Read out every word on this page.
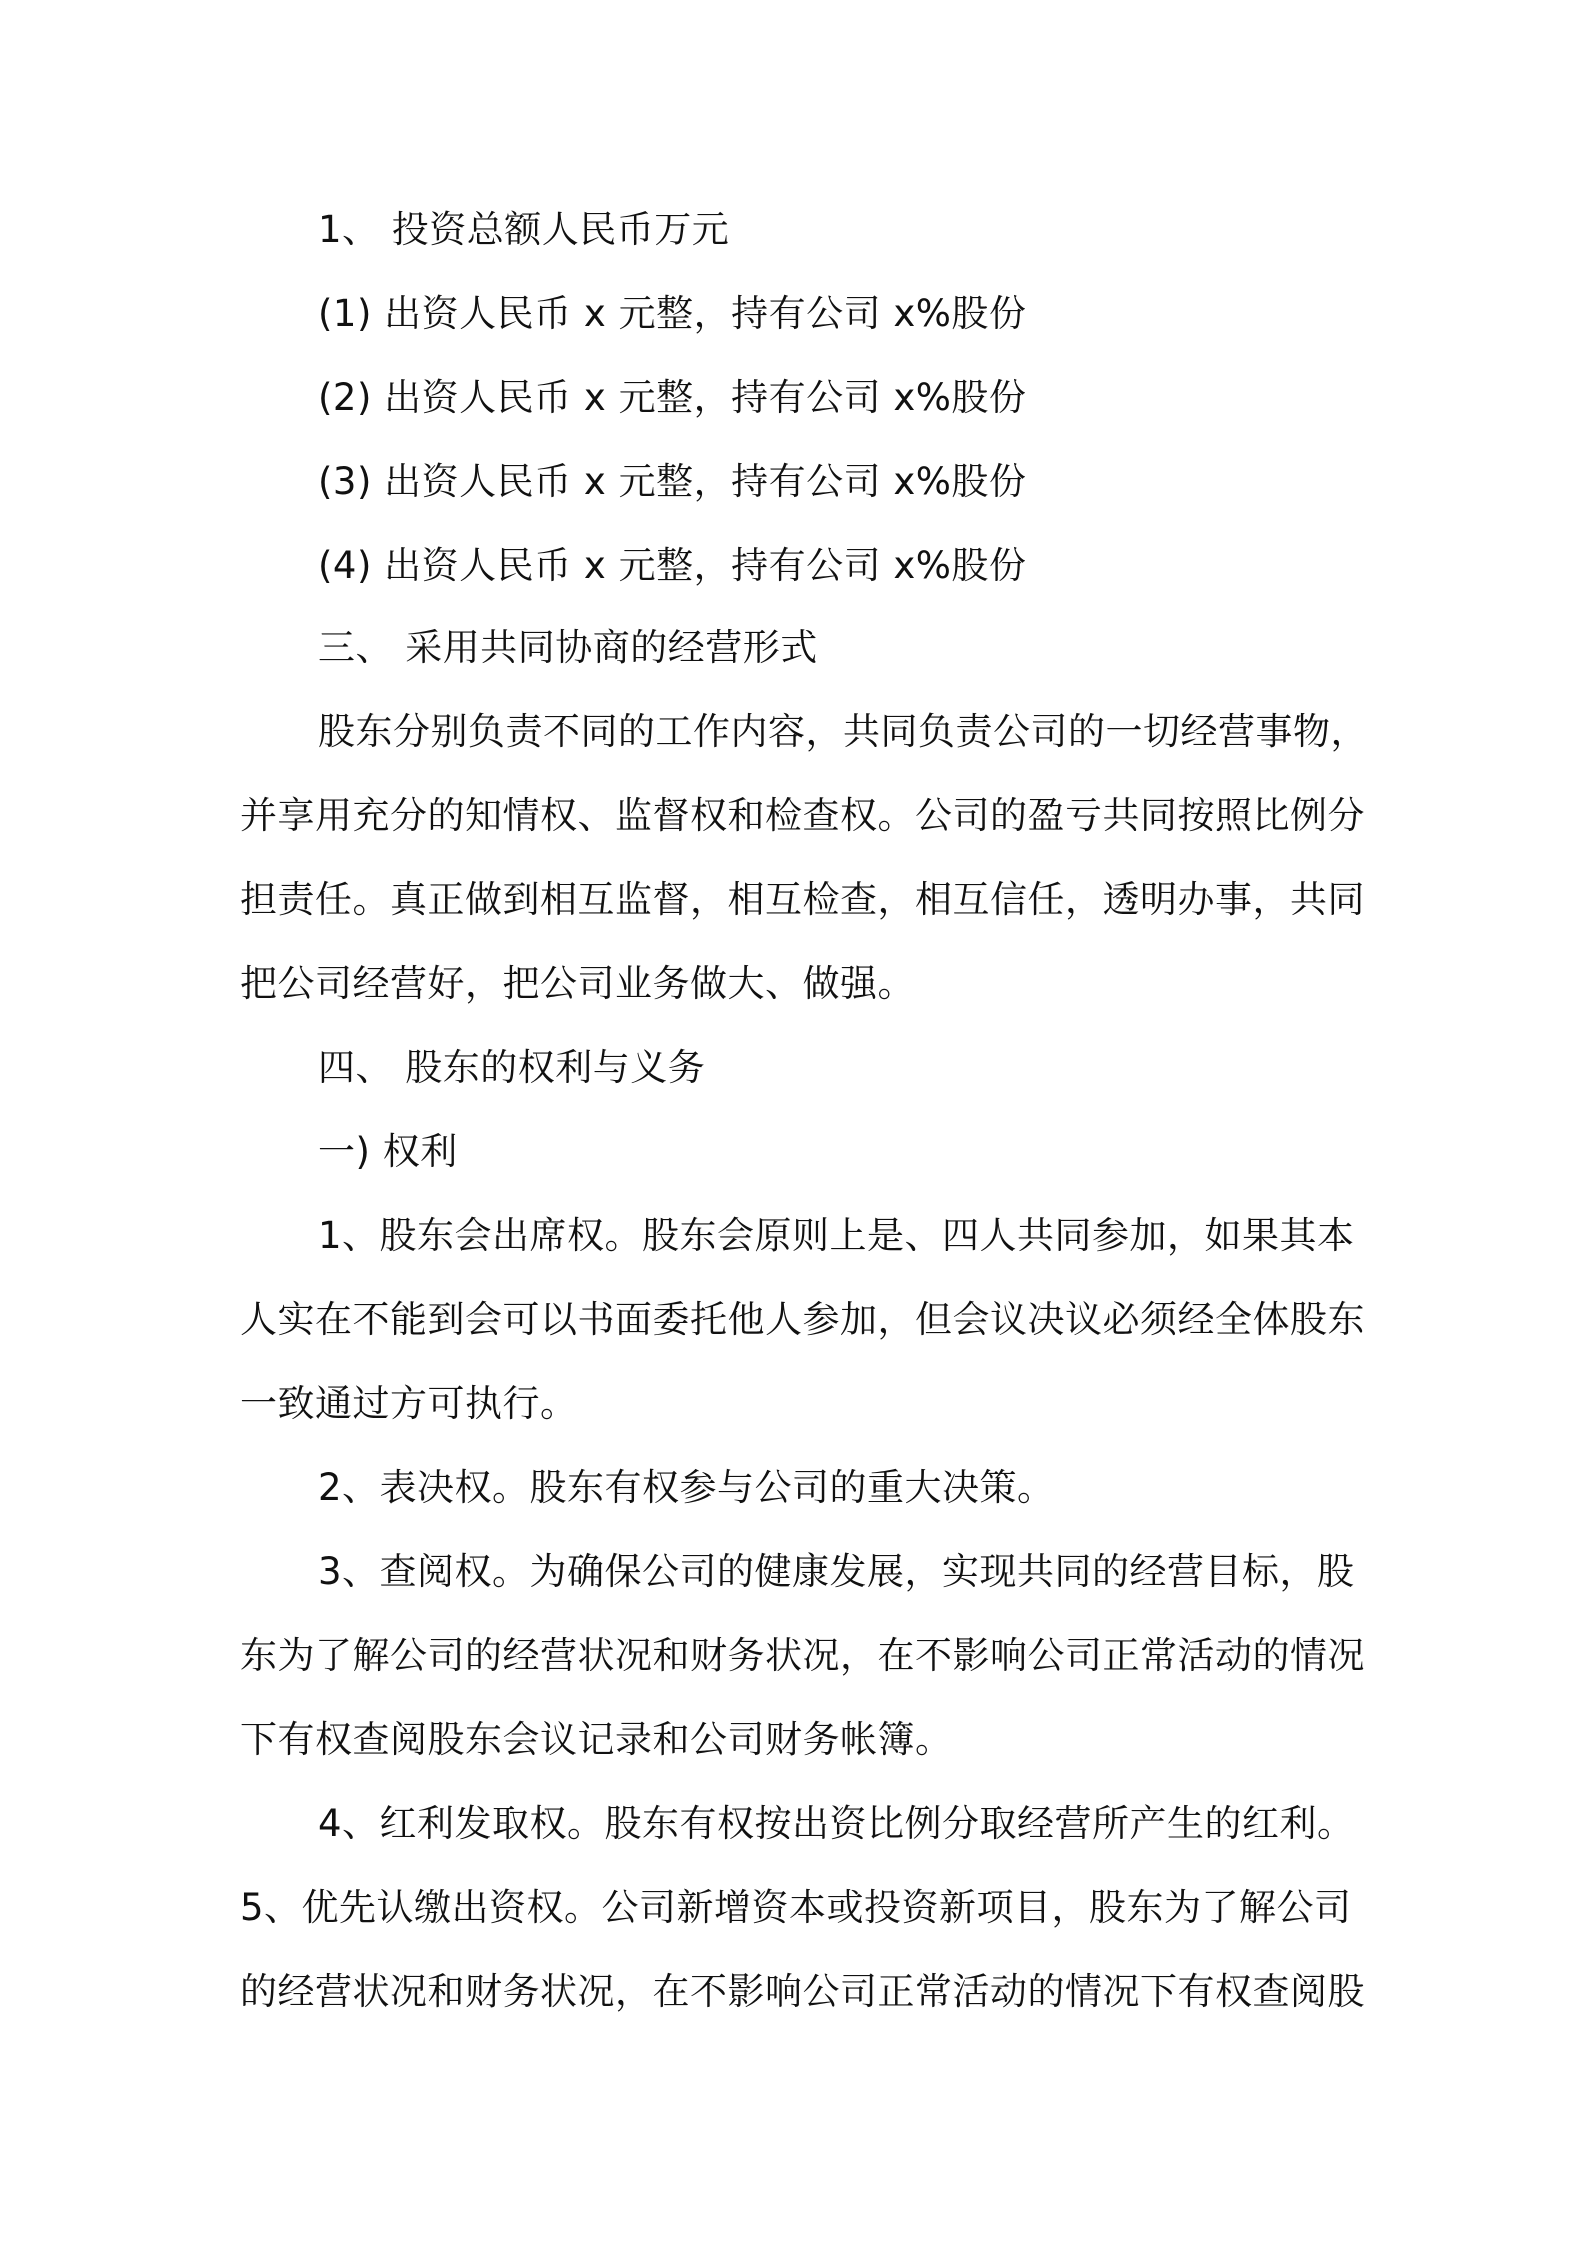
1、 投资总额人民币万元
(1) 出资人民币 x 元整，持有公司 x%股份
(2) 出资人民币 x 元整，持有公司 x%股份
(3) 出资人民币 x 元整，持有公司 x%股份
(4) 出资人民币 x 元整，持有公司 x%股份
三、 采用共同协商的经营形式
股东分别负责不同的工作内容，共同负责公司的一切经营事物，
并享用充分的知情权、监督权和检查权。公司的盈亏共同按照比例分
担责任。真正做到相互监督，相互检查，相互信任，透明办事，共同
把公司经营好，把公司业务做大、做强。
四、 股东的权利与义务
一) 权利
1、股东会出席权。股东会原则上是、四人共同参加，如果其本
人实在不能到会可以书面委托他人参加，但会议决议必须经全体股东
一致通过方可执行。
2、表决权。股东有权参与公司的重大决策。
3、查阅权。为确保公司的健康发展，实现共同的经营目标，股
东为了解公司的经营状况和财务状况，在不影响公司正常活动的情况
下有权查阅股东会议记录和公司财务帐簿。
4、红利发取权。股东有权按出资比例分取经营所产生的红利。
5、优先认缴出资权。公司新增资本或投资新项目，股东为了解公司
的经营状况和财务状况，在不影响公司正常活动的情况下有权查阅股
